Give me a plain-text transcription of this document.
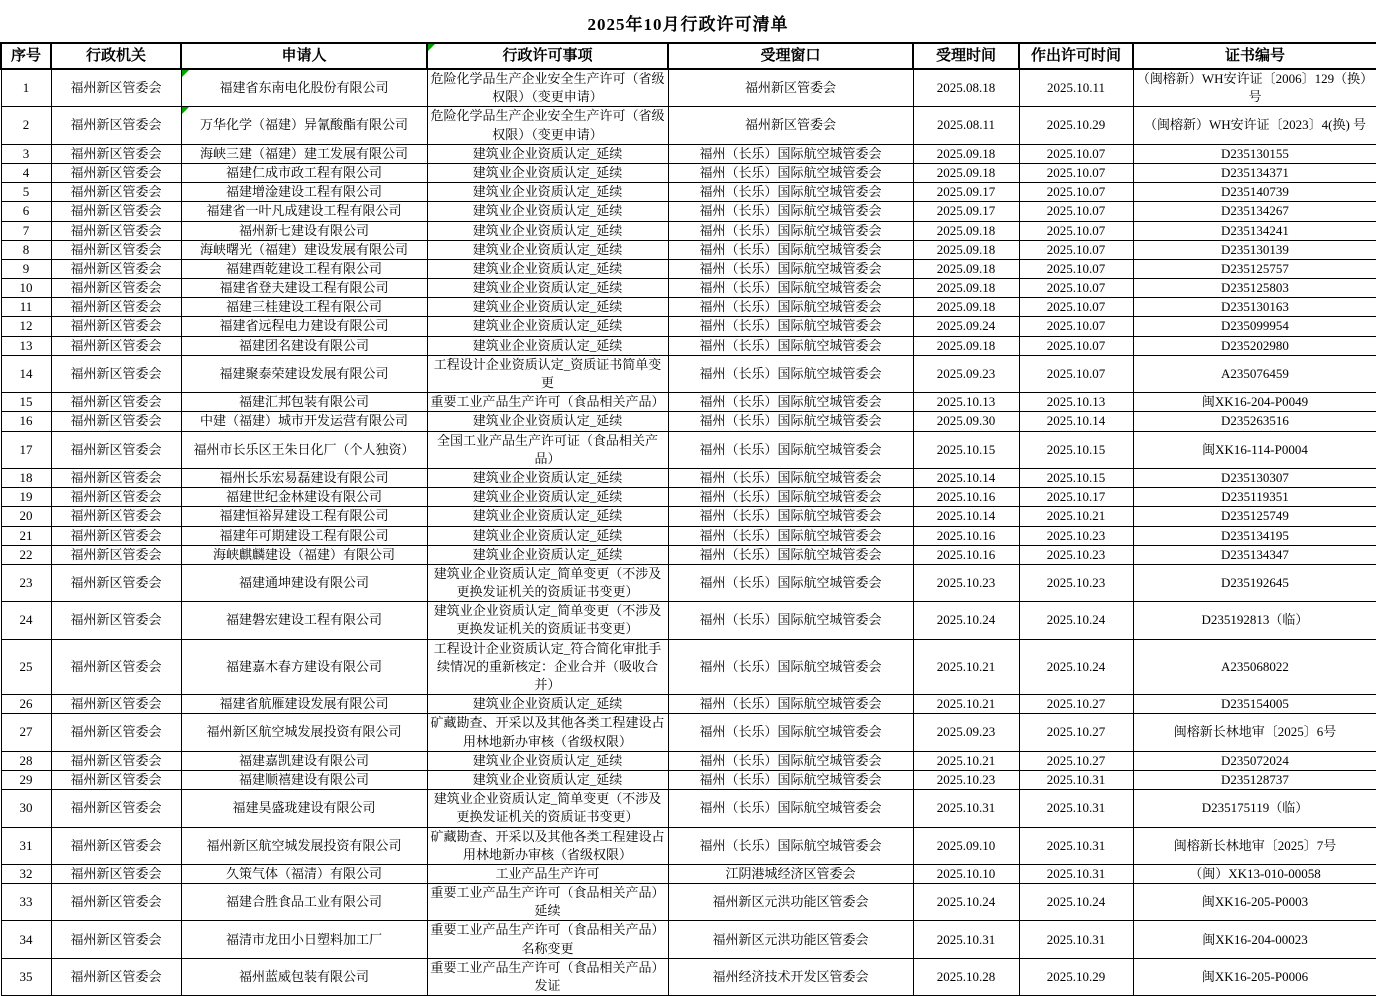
2025年10月行政许可清单
序号	行政机关	申请人	行政许可事项	受理窗口	受理时间	作出许可时间	证书编号
1	福州新区管委会	福建省东南电化股份有限公司	危险化学品生产企业安全生产许可（省级权限）（变更申请）	福州新区管委会	2025.08.18	2025.10.11	（闽榕新）WH安许证〔2006〕129（换）号
2	福州新区管委会	万华化学（福建）异氰酸酯有限公司	危险化学品生产企业安全生产许可（省级权限）（变更申请）	福州新区管委会	2025.08.11	2025.10.29	（闽榕新）WH安许证〔2023〕4(换) 号
3	福州新区管委会	海峡三建（福建）建工发展有限公司	建筑业企业资质认定_延续	福州（长乐）国际航空城管委会	2025.09.18	2025.10.07	D235130155
4	福州新区管委会	福建仁成市政工程有限公司	建筑业企业资质认定_延续	福州（长乐）国际航空城管委会	2025.09.18	2025.10.07	D235134371
5	福州新区管委会	福建增淦建设工程有限公司	建筑业企业资质认定_延续	福州（长乐）国际航空城管委会	2025.09.17	2025.10.07	D235140739
6	福州新区管委会	福建省一叶凡成建设工程有限公司	建筑业企业资质认定_延续	福州（长乐）国际航空城管委会	2025.09.17	2025.10.07	D235134267
7	福州新区管委会	福州新七建设有限公司	建筑业企业资质认定_延续	福州（长乐）国际航空城管委会	2025.09.18	2025.10.07	D235134241
8	福州新区管委会	海峡曙光（福建）建设发展有限公司	建筑业企业资质认定_延续	福州（长乐）国际航空城管委会	2025.09.18	2025.10.07	D235130139
9	福州新区管委会	福建酉乾建设工程有限公司	建筑业企业资质认定_延续	福州（长乐）国际航空城管委会	2025.09.18	2025.10.07	D235125757
10	福州新区管委会	福建省登夫建设工程有限公司	建筑业企业资质认定_延续	福州（长乐）国际航空城管委会	2025.09.18	2025.10.07	D235125803
11	福州新区管委会	福建三桂建设工程有限公司	建筑业企业资质认定_延续	福州（长乐）国际航空城管委会	2025.09.18	2025.10.07	D235130163
12	福州新区管委会	福建省远程电力建设有限公司	建筑业企业资质认定_延续	福州（长乐）国际航空城管委会	2025.09.24	2025.10.07	D235099954
13	福州新区管委会	福建团名建设有限公司	建筑业企业资质认定_延续	福州（长乐）国际航空城管委会	2025.09.18	2025.10.07	D235202980
14	福州新区管委会	福建聚泰荣建设发展有限公司	工程设计企业资质认定_资质证书简单变更	福州（长乐）国际航空城管委会	2025.09.23	2025.10.07	A235076459
15	福州新区管委会	福建汇邦包装有限公司	重要工业产品生产许可（食品相关产品）	福州（长乐）国际航空城管委会	2025.10.13	2025.10.13	闽XK16-204-P0049
16	福州新区管委会	中建（福建）城市开发运营有限公司	建筑业企业资质认定_延续	福州（长乐）国际航空城管委会	2025.09.30	2025.10.14	D235263516
17	福州新区管委会	福州市长乐区王朱日化厂（个人独资）	全国工业产品生产许可证（食品相关产品）	福州（长乐）国际航空城管委会	2025.10.15	2025.10.15	闽XK16-114-P0004
18	福州新区管委会	福州长乐宏易磊建设有限公司	建筑业企业资质认定_延续	福州（长乐）国际航空城管委会	2025.10.14	2025.10.15	D235130307
19	福州新区管委会	福建世纪金林建设有限公司	建筑业企业资质认定_延续	福州（长乐）国际航空城管委会	2025.10.16	2025.10.17	D235119351
20	福州新区管委会	福建恒裕昇建设工程有限公司	建筑业企业资质认定_延续	福州（长乐）国际航空城管委会	2025.10.14	2025.10.21	D235125749
21	福州新区管委会	福建年可期建设工程有限公司	建筑业企业资质认定_延续	福州（长乐）国际航空城管委会	2025.10.16	2025.10.23	D235134195
22	福州新区管委会	海峡麒麟建设（福建）有限公司	建筑业企业资质认定_延续	福州（长乐）国际航空城管委会	2025.10.16	2025.10.23	D235134347
23	福州新区管委会	福建通坤建设有限公司	建筑业企业资质认定_简单变更（不涉及更换发证机关的资质证书变更）	福州（长乐）国际航空城管委会	2025.10.23	2025.10.23	D235192645
24	福州新区管委会	福建磐宏建设工程有限公司	建筑业企业资质认定_简单变更（不涉及更换发证机关的资质证书变更）	福州（长乐）国际航空城管委会	2025.10.24	2025.10.24	D235192813（临）
25	福州新区管委会	福建嘉木春方建设有限公司	工程设计企业资质认定_符合简化审批手续情况的重新核定：企业合并（吸收合并）	福州（长乐）国际航空城管委会	2025.10.21	2025.10.24	A235068022
26	福州新区管委会	福建省航雁建设发展有限公司	建筑业企业资质认定_延续	福州（长乐）国际航空城管委会	2025.10.21	2025.10.27	D235154005
27	福州新区管委会	福州新区航空城发展投资有限公司	矿藏勘查、开采以及其他各类工程建设占用林地新办审核（省级权限）	福州（长乐）国际航空城管委会	2025.09.23	2025.10.27	闽榕新长林地审〔2025〕6号
28	福州新区管委会	福建嘉凯建设有限公司	建筑业企业资质认定_延续	福州（长乐）国际航空城管委会	2025.10.21	2025.10.27	D235072024
29	福州新区管委会	福建顺禧建设有限公司	建筑业企业资质认定_延续	福州（长乐）国际航空城管委会	2025.10.23	2025.10.31	D235128737
30	福州新区管委会	福建昊盛珑建设有限公司	建筑业企业资质认定_简单变更（不涉及更换发证机关的资质证书变更）	福州（长乐）国际航空城管委会	2025.10.31	2025.10.31	D235175119（临）
31	福州新区管委会	福州新区航空城发展投资有限公司	矿藏勘查、开采以及其他各类工程建设占用林地新办审核（省级权限）	福州（长乐）国际航空城管委会	2025.09.10	2025.10.31	闽榕新长林地审〔2025〕7号
32	福州新区管委会	久策气体（福清）有限公司	工业产品生产许可	江阴港城经济区管委会	2025.10.10	2025.10.31	（闽）XK13-010-00058
33	福州新区管委会	福建合胜食品工业有限公司	重要工业产品生产许可（食品相关产品）延续	福州新区元洪功能区管委会	2025.10.24	2025.10.24	闽XK16-205-P0003
34	福州新区管委会	福清市龙田小日塑料加工厂	重要工业产品生产许可（食品相关产品）名称变更	福州新区元洪功能区管委会	2025.10.31	2025.10.31	闽XK16-204-00023
35	福州新区管委会	福州蓝威包装有限公司	重要工业产品生产许可（食品相关产品）发证	福州经济技术开发区管委会	2025.10.28	2025.10.29	闽XK16-205-P0006
